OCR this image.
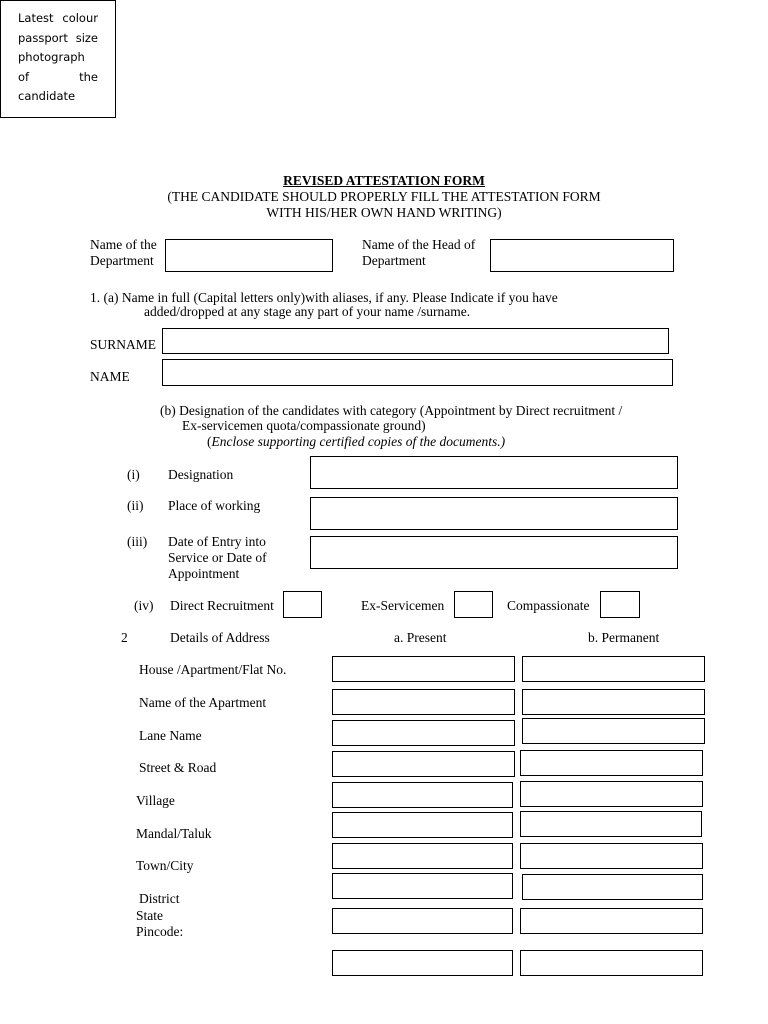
Latest colour passport size photograph of the candidate
REVISED ATTESTATION FORM
(THE CANDIDATE SHOULD PROPERLY FILL THE ATTESTATION FORM WITH HIS/HER OWN HAND WRITING)
Name of the Department
Name of the Head of Department
1. (a) Name in full (Capital letters only)with aliases, if any. Please Indicate if you have
added/dropped at any stage any part of your name /surname.
SURNAME
NAME
(b) Designation of the candidates with category (Appointment by Direct recruitment /
Ex-servicemen quota/compassionate ground)
(Enclose supporting certified copies of the documents.)
(i) Designation
(ii) Place of working
(iii) Date of Entry into Service or Date of Appointment
(iv) Direct Recruitment	Ex-Servicemen	Compassionate
2	Details of Address	a. Present	b. Permanent
House /Apartment/Flat No.
Name of the Apartment
Lane Name
Street & Road
Village
Mandal/Taluk
Town/City
District
State
Pincode:
